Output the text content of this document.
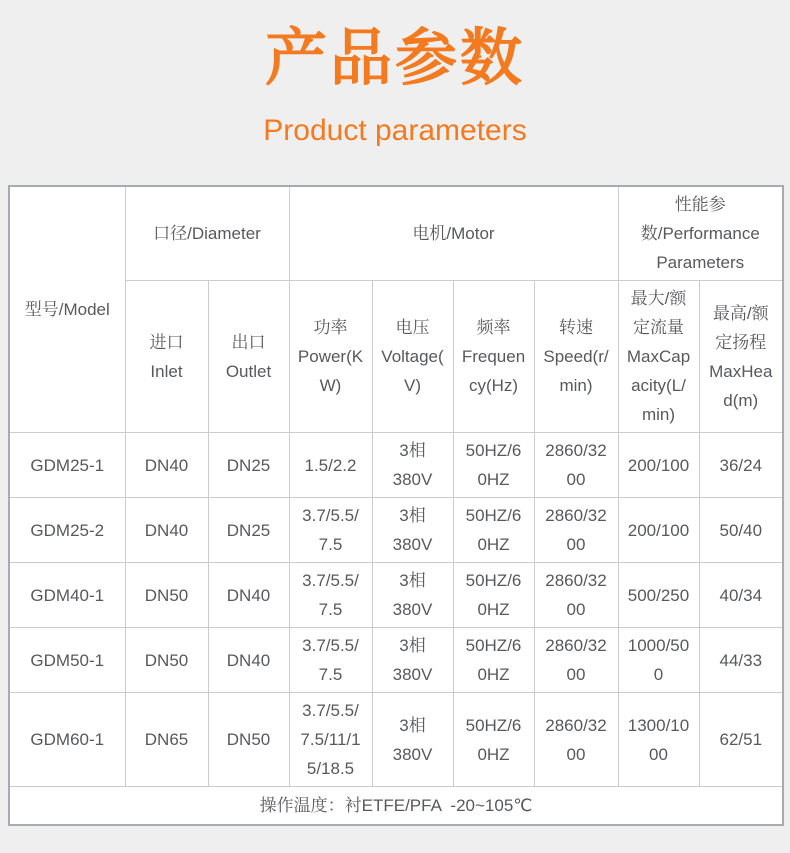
产品参数
Product parameters
型号/Model	口径/Diameter		电机/Motor				性能参数/Performance Parameters	
	进口Inlet	出口Outlet	功率Power(KW)	电压Voltage(V)	频率Frequency(Hz)	转速Speed(r/min)	最大/额定流量MaxCapacity(L/min)	最高/额定扬程MaxHead(m)
GDM25-1	DN40	DN25	1.5/2.2	3相380V	50HZ/60HZ	2860/3200	200/100	36/24
GDM25-2	DN40	DN25	3.7/5.5/7.5	3相380V	50HZ/60HZ	2860/3200	200/100	50/40
GDM40-1	DN50	DN40	3.7/5.5/7.5	3相380V	50HZ/60HZ	2860/3200	500/250	40/34
GDM50-1	DN50	DN40	3.7/5.5/7.5	3相380V	50HZ/60HZ	2860/3200	1000/500	44/33
GDM60-1	DN65	DN50	3.7/5.5/7.5/11/15/18.5	3相380V	50HZ/60HZ	2860/3200	1300/1000	62/51
操作温度：衬ETFE/PFA  -20~105℃								
